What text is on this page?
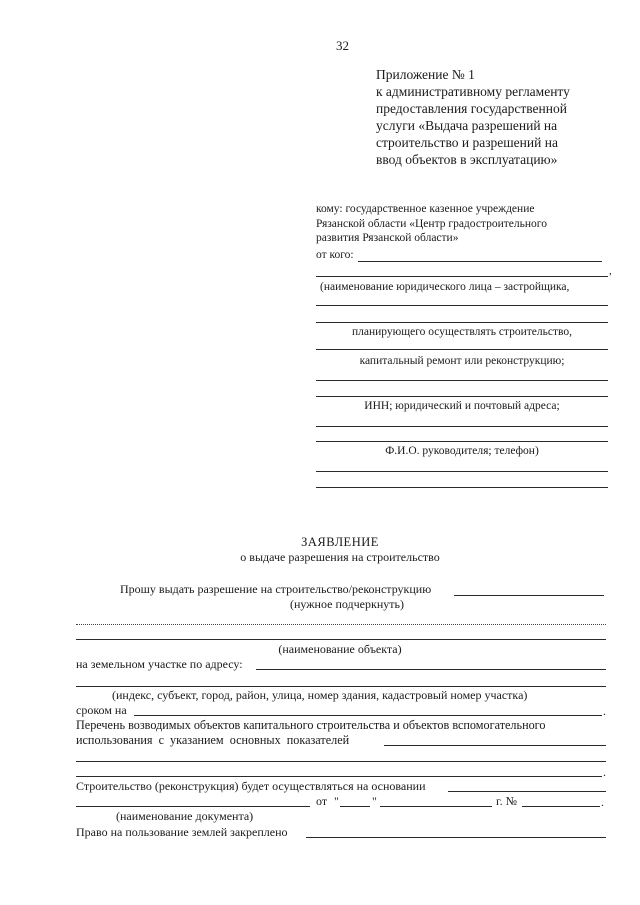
32
Приложение № 1
к административному регламенту
предоставления государственной
услуги «Выдача разрешений на
строительство и разрешений на
ввод объектов в эксплуатацию»
кому: государственное казенное учреждение
Рязанской области «Центр градостроительного
развития Рязанской области»
от кого:
,
(наименование юридического лица – застройщика,
планирующего осуществлять строительство,
капитальный ремонт или реконструкцию;
ИНН; юридический и почтовый адреса;
Ф.И.О. руководителя; телефон)
ЗАЯВЛЕНИЕ
о выдаче разрешения на строительство
Прошу выдать разрешение на строительство/реконструкцию
(нужное подчеркнуть)
(наименование объекта)
на земельном участке по адресу:
(индекс, субъект, город, район, улица, номер здания, кадастровый номер участка)
сроком на	.
Перечень возводимых объектов капитального строительства и объектов вспомогательного
использования с указанием основных показателей
.
Строительство (реконструкция) будет осуществляться на основании
от "	"	г. №	.
(наименование документа)
Право на пользование землей закреплено
